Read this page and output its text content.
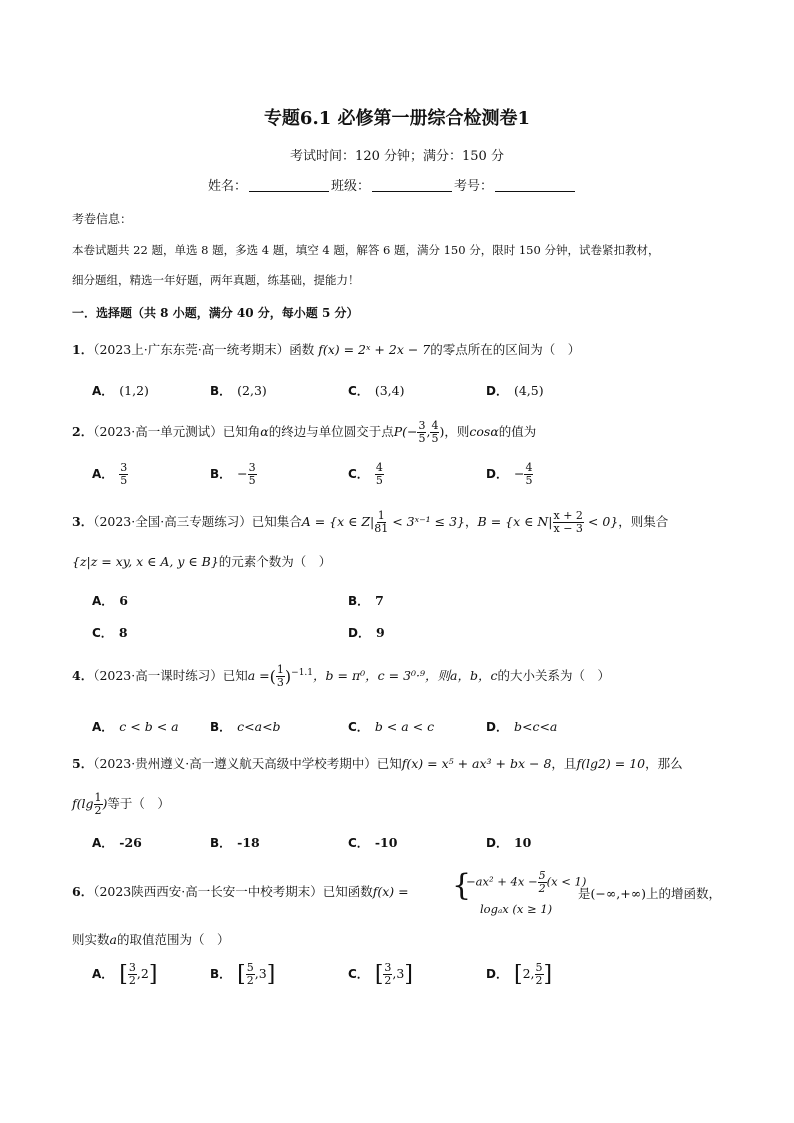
专题6.1 必修第一册综合检测卷1
考试时间：120 分钟；满分：150 分
姓名：	班级：	考号：
考卷信息：
本卷试题共 22 题，单选 8 题，多选 4 题，填空 4 题，解答 6 题，满分 150 分，限时 150 分钟，试卷紧扣教材，
细分题组，精选一年好题，两年真题，练基础，提能力！
一．选择题（共 8 小题，满分 40 分，每小题 5 分）
1．（2023上·广东东莞·高一统考期末）函数 f(x) = 2ˣ + 2x − 7的零点所在的区间为（　）
A． (1,2)	B． (2,3)	C． (3,4)	D． (4,5)
2．（2023·高一单元测试）已知角α的终边与单位圆交于点$P(- \frac{3}{5}$ , $\frac{4}{5}$ )，则cosα的值为
A． $\frac{3}{5}$	B． − $\frac{3}{5}$	C． $\frac{4}{5}$	D． − $\frac{4}{5}$
3．（2023·全国·高三专题练习）已知集合A = {x ∈ $Z| \frac{1}{81}$ < 3ˣ⁻¹ ≤ 3}，B = {x ∈ $N| \frac{x + 2}{x - 3} < 0$}，则集合
{z|z = xy, x ∈ A, y ∈ B}的元素个数为（　）
A． 6	B． 7
C． 8	D． 9
4．（2023·高一课时练习）已知a =( $\frac{1}{3} )^{-1.1}$，b = π⁰，c = 3⁰·⁹，则a，b，c的大小关系为（　）
A． c < b < a	B． c<a<b	C． b < a < c	D． b<c<a
5．（2023·贵州遵义·高一遵义航天高级中学校考期中）已知f(x) = x⁵ + ax³ + bx − 8，且f(lg2) = 10，那么
$f(\lg \frac{1}{2}$ )等于（　）
A． -26	B． -18	C． -10	D． 10
6．（2023陕西西安·高一长安一中校考期末）已知函数f(x) = {
$-ax^2 + 4x - \frac{5}{2} (x < 1)$
logₐx (x ≥ 1)
是(−∞,+∞)上的增函数，
则实数a的取值范围为（　）
A． [ $\frac{3}{2} ,2$]	B． [ $\frac{5}{2} ,3$]	C． [ $\frac{3}{2} ,3$]	D． [2, $\frac{5}{2}$ ]
